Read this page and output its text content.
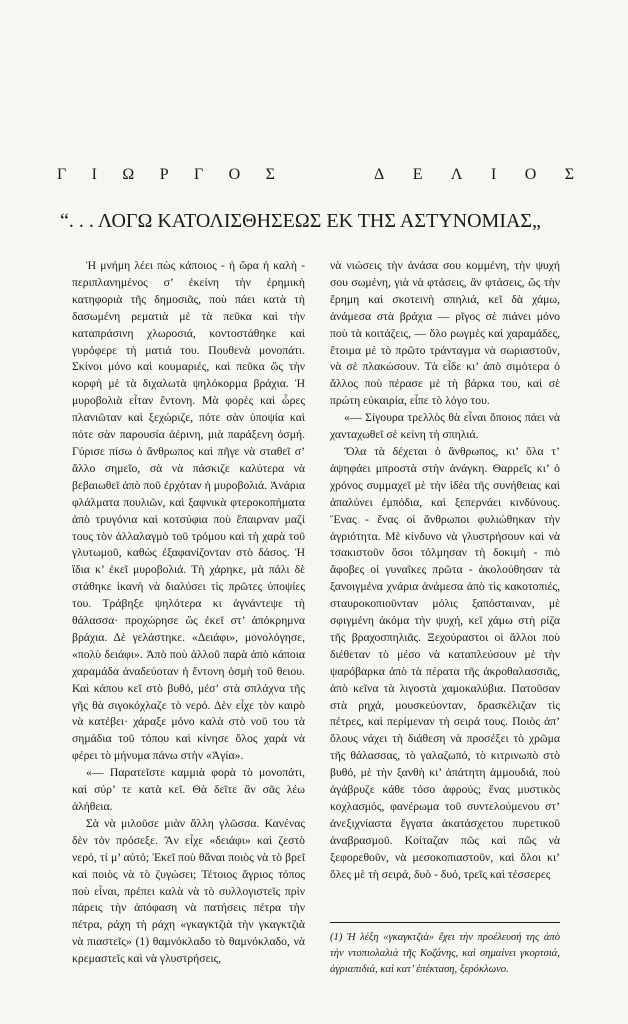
Γ Ι Ω Ρ Γ Ο Σ	Δ Ε Λ Ι Ο Σ
“. . . ΛΟΓΩ ΚΑΤΟΛΙΣΘΗΣΕΩΣ ΕΚ ΤΗΣ ΑΣΤΥΝΟΜΙΑΣ„

Ἡ μνήμη λέει πὼς κάποιος - ἡ ὥρα ἡ καλὴ - περιπλανημένος σ’ ἐκείνη τὴν ἐρημικὴ κατηφοριὰ τῆς δημοσιᾶς, ποὺ πάει κατὰ τὴ δασωμένη ρεματιὰ μὲ τὰ πεῦκα καὶ τὴν καταπράσινη χλωροσιά, κοντοστάθηκε καὶ γυρόφερε τὴ ματιά του. Πουθενὰ μονοπάτι. Σκίνοι μόνο καὶ κουμαριές, καὶ πεῦκα ὥς τὴν κορφὴ μὲ τὰ διχαλωτὰ ψηλόκορμα βράχια. Ἡ μυροβολιὰ εἶταν ἔντονη. Μὰ φορὲς καὶ ὧρες πλανιῶταν καὶ ξεχώριζε, πότε σὰν ὑποψία καὶ πότε σὰν παρουσία ἀέρινη, μιὰ παράξενη ὀσμή. Γύρισε πίσω ὁ ἄνθρωπος καὶ πῆγε νὰ σταθεῖ σ’ ἄλλο σημεῖο, σὰ νὰ πάσκιζε καλύτερα νὰ βεβαιωθεῖ ἀπὸ ποῦ ἐρχόταν ἡ μυροβολιά. Ἀνάρια φλάλματα πουλιῶν, καὶ ξαφνικὰ φτεροκοπήματα ἀπὸ τρυγόνια καὶ κοτσύφια ποὺ ἔπαιρναν μαζί τους τὸν ἀλλαλαγμὸ τοῦ τρόμου καὶ τὴ χαρὰ τοῦ γλυτωμοῦ, καθὼς ἐξαφανίζονταν στὸ δάσος. Ἡ ἴδια κ’ ἐκεῖ μυροβολιά. Τὴ χάρηκε, μὰ πάλι δὲ στάθηκε ἱκανὴ νὰ διαλύσει τὶς πρῶτες ὑποψίες του. Τράβηξε ψηλότερα κι ἀγνάντεψε τὴ θάλασσα· προχώρησε ὥς ἐκεῖ στ’ ἀπόκρημνα βράχια. Δὲ γελάστηκε. «Δειάφι», μονολόγησε, «πολὺ δειάφι». Ἀπὸ ποὺ ἀλλοῦ παρὰ ἀπὸ κάποια χαραμάδα ἀναδεύοταν ἡ ἔντονη ὀσμὴ τοῦ θειου. Καὶ κάπου κεῖ στὸ βυθό, μέσ’ στὰ σπλάχνα τῆς γῆς θὰ σιγοκόχλαζε τὸ νερό. Δὲν εἶχε τὸν καιρὸ νὰ κατέβει· χάραξε μόνο καλὰ στὸ νοῦ του τὰ σημάδια τοῦ τόπου καὶ κίνησε ὅλος χαρὰ νὰ φέρει τὸ μήνυμα πάνω στὴν «Ἁγία».

«— Παρατεῖστε καμμιὰ φορὰ τὸ μονοπάτι, καὶ σύρ’ τε κατὰ κεῖ. Θὰ δεῖτε ἂν σᾶς λέω ἀλήθεια.

Σὰ νὰ μιλοῦσε μιὰν ἄλλη γλῶσσα. Κανένας δὲν τὸν πρόσεξε. Ἂν εἶχε «δειάφι» καὶ ζεστὸ νερό, τί μ’ αὐτό; Ἐκεῖ ποὺ θἄναι ποιὸς νὰ τὸ βρεῖ καὶ ποιὸς νὰ τὸ ζυγώσει; Τέτοιος ἄγριος τόπος ποὺ εἶναι, πρέπει καλὰ νὰ τὸ συλλογιστεῖς πρὶν πάρεις τὴν ἀπόφαση νὰ πατήσεις πέτρα τὴν πέτρα, ράχη τὴ ράχη «γκαγκτζιὰ τὴν γκαγκτζιὰ νὰ πιαστεῖς» (1) θαμνόκλαδο τὸ θαμνόκλαδο, νὰ κρεμαστεῖς καὶ νὰ γλυστρήσεις,

νὰ νιώσεις τὴν ἀνάσα σου κομμένη, τὴν ψυχή σου σωμένη, γιὰ νὰ φτάσεις, ἂν φτάσεις, ὥς τὴν ἔρημη καὶ σκοτεινὴ σπηλιά, κεῖ δὰ χάμω, ἀνάμεσα στὰ βράχια — ρῖγος σὲ πιάνει μόνο ποὺ τὰ κοιτάζεις, — ὅλο ρωγμὲς καὶ χαραμάδες, ἕτοιμα μὲ τὸ πρῶτο τράνταγμα νὰ σωριαστοῦν, νὰ σὲ πλακώσουν. Τὰ εἶδε κι’ ἀπὸ σιμότερα ὁ ἄλλος ποὺ πέρασε μὲ τὴ βάρκα του, καὶ σὲ πρώτη εὐκαιρία, εἶπε τὸ λόγο του.

«— Σίγουρα τρελλὸς θὰ εἶναι ὅποιος πάει νὰ χανταχωθεῖ σὲ κείνη τὴ σπηλιά.

Ὅλα τὰ δέχεται ὁ ἄνθρωπος, κι’ ὅλα τ’ ἀψηφάει μπροστὰ στὴν ἀνάγκη. Θαρρεῖς κι’ ὁ χρόνος συμμαχεῖ μὲ τὴν ἰδέα τῆς συνήθειας καὶ ἀπαλύνει ἐμπόδια, καὶ ξεπερνάει κινδύνους. Ἕνας - ἕνας οἱ ἄνθρωποι φυλιώθηκαν τὴν ἀγριότητα. Μὲ κίνδυνο νὰ γλυστρήσουν καὶ νὰ τσακιστοῦν ὅσοι τόλμησαν τὴ δοκιμὴ - πιὸ ἄφοβες οἱ γυναῖκες πρῶτα - ἀκολούθησαν τὰ ξανοιγμένα χνάρια ἀνάμεσα ἀπὸ τὶς κακοτοπιές, σταυροκοπιοῦνταν μόλις ξαπόσταιναν, μὲ σφιγμένη ἀκόμα τὴν ψυχή, κεῖ χάμω στὴ ρίζα τῆς βραχοσπηλιᾶς. Ξεχούραστοι οἱ ἄλλοι ποὺ διέθεταν τὸ μέσο νὰ καταπλεύσουν μὲ τὴν ψαρόβαρκα ἀπὸ τὰ πέρατα τῆς ἀκροθαλασσιᾶς, ἀπὸ κεῖνα τὰ λιγοστὰ χαμοκαλύβια. Πατοῦσαν στὰ ρηχά, μουσκεύονταν, δρασκέλιζαν τὶς πέτρες, καὶ περίμεναν τὴ σειρά τους. Ποιὸς ἀπ’ ὅλους νάχει τὴ διάθεση νὰ προσέξει τὸ χρῶμα τῆς θάλασσας, τὸ γαλαζωπό, τὸ κιτρινωπὸ στὸ βυθό, μὲ τὴν ξανθὴ κι’ ἀπάτητη ἀμμουδιά, ποὺ ἀγάβρυζε κάθε τόσο ἀφρούς; ἕνας μυστικὸς κοχλασμός, φανέρωμα τοῦ συντελούμενου στ’ ἀνεξιχνίαστα ἔγγατα ἀκατάσχετου πυρετικοῦ ἀναβρασμοῦ. Κοίταζαν πῶς καὶ πῶς νὰ ξεφορεθοῦν, νὰ μεσοκοπιαστοῦν, καὶ ὅλοι κι’ ὅλες μὲ τὴ σειρά, δυὸ - δυό, τρεῖς καὶ τέσσερες

(1) Ἡ λέξη «γκαγκτζιὰ» ἔχει τὴν προέλευσή της ἀπὸ τὴν ντοπιολαλιὰ τῆς Κοζάνης, καὶ σημαίνει γκορτσιά, ἀγριαπιδιά, καὶ κατ’ ἐπέκταση, ξερόκλωνο.
